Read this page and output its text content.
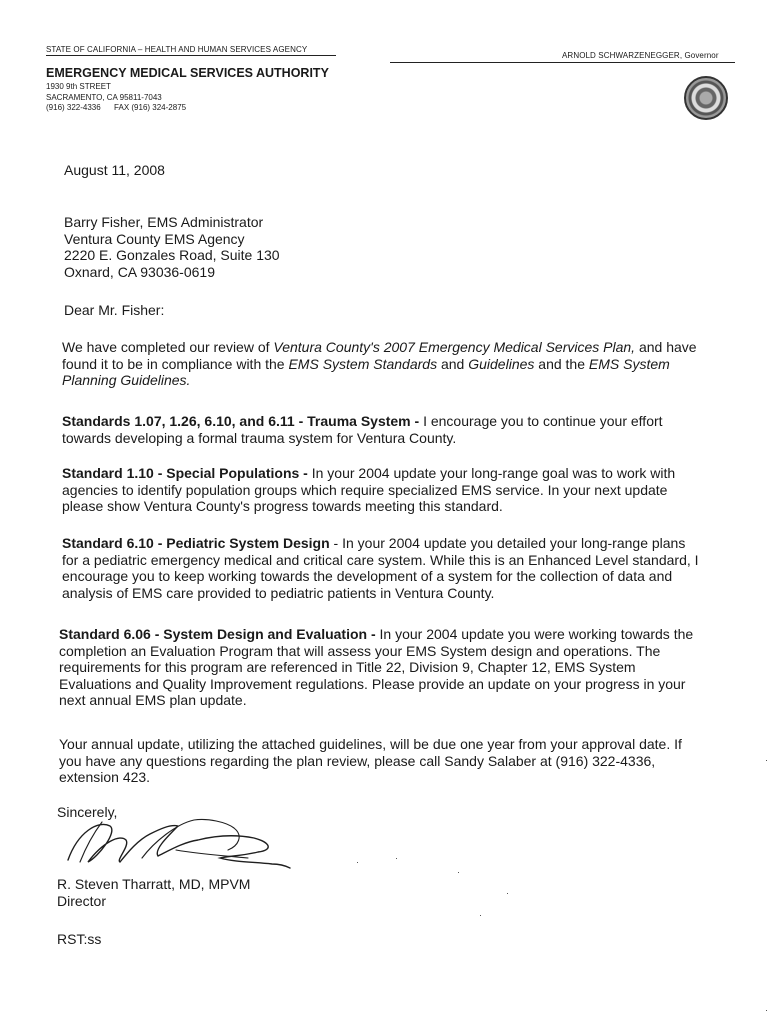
STATE OF CALIFORNIA – HEALTH AND HUMAN SERVICES AGENCY
ARNOLD SCHWARZENEGGER, Governor
EMERGENCY MEDICAL SERVICES AUTHORITY
1930 9th STREET
SACRAMENTO, CA 95811-7043
(916) 322-4336      FAX (916) 324-2875
August 11, 2008
Barry Fisher, EMS Administrator
Ventura County EMS Agency
2220 E. Gonzales Road, Suite 130
Oxnard, CA 93036-0619
Dear Mr. Fisher:

We have completed our review of Ventura County's 2007 Emergency Medical Services Plan, and have found it to be in compliance with the EMS System Standards and Guidelines and the EMS System Planning Guidelines.

Standards 1.07, 1.26, 6.10, and 6.11 - Trauma System - I encourage you to continue your effort towards developing a formal trauma system for Ventura County.

Standard 1.10 - Special Populations - In your 2004 update your long-range goal was to work with agencies to identify population groups which require specialized EMS service. In your next update please show Ventura County's progress towards meeting this standard.

Standard 6.10 - Pediatric System Design - In your 2004 update you detailed your long-range plans for a pediatric emergency medical and critical care system. While this is an Enhanced Level standard, I encourage you to keep working towards the development of a system for the collection of data and analysis of EMS care provided to pediatric patients in Ventura County.

Standard 6.06 - System Design and Evaluation - In your 2004 update you were working towards the completion an Evaluation Program that will assess your EMS System design and operations. The requirements for this program are referenced in Title 22, Division 9, Chapter 12, EMS System Evaluations and Quality Improvement regulations. Please provide an update on your progress in your next annual EMS plan update.

Your annual update, utilizing the attached guidelines, will be due one year from your approval date. If you have any questions regarding the plan review, please call Sandy Salaber at (916) 322-4336, extension 423.

Sincerely,
R. Steven Tharratt, MD, MPVM
Director
RST:ss
